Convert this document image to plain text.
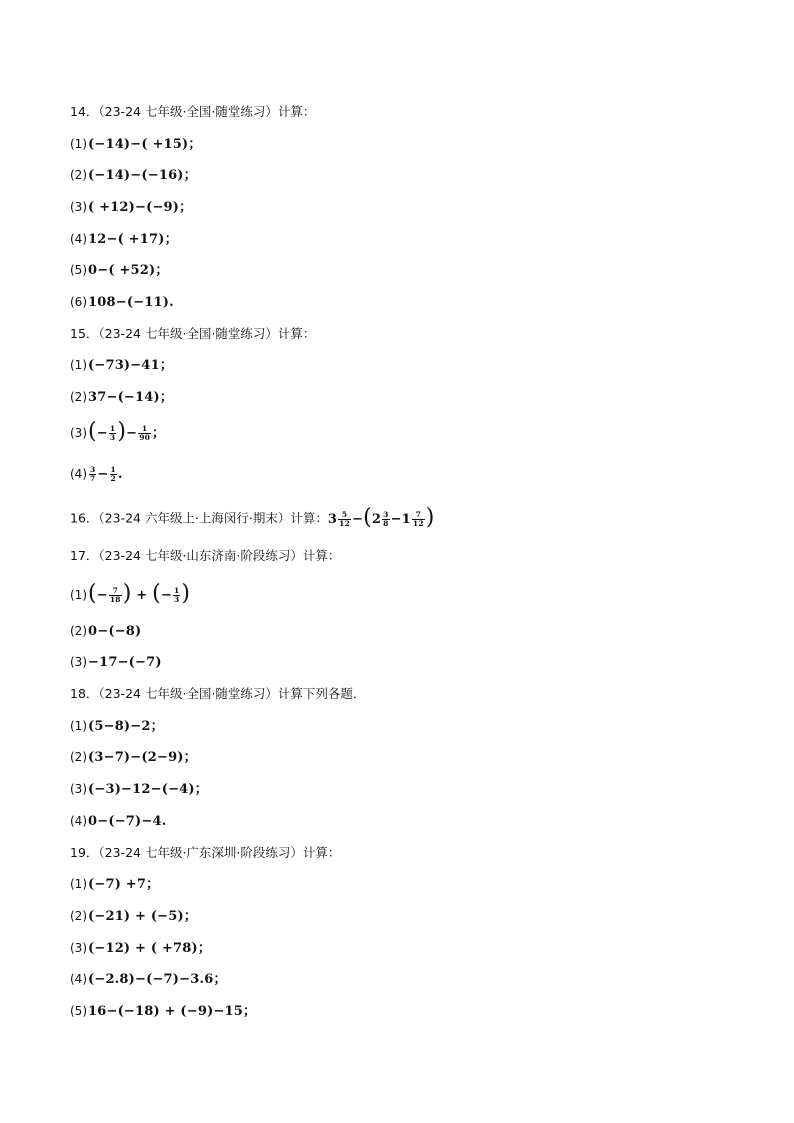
14．（23-24 七年级·全国·随堂练习）计算：
(1)(−14)−( +15)；
(2)(−14)−(−16)；
(3)( +12)−(−9)；
(4)12−( +17)；
(5)0−( +52)；
(6)108−(−11).
15．（23-24 七年级·全国·随堂练习）计算：
(1)(−73)−41；
(2)37−(−14)；
$(3)(- \frac{1}{3}$ )− $\frac{1}{90}$ ；
$(4) \frac{3}{7} - \frac{1}{2}$ .
16．（23-24 六年级上·上海闵行·期末）计算：$3 \frac{5}{12} -(2 \frac{3}{8} -1 \frac{7}{12}$ )
17．（23-24 七年级·山东济南·阶段练习）计算：
$(1)(- \frac{7}{18}$ ) + (− $\frac{1}{3}$ )
(2)0−(−8)
(3)−17−(−7)
18．（23-24 七年级·全国·随堂练习）计算下列各题．
(1)(5−8)−2；
(2)(3−7)−(2−9)；
(3)(−3)−12−(−4)；
(4)0−(−7)−4.
19．（23-24 七年级·广东深圳·阶段练习）计算：
(1)(−7) +7；
(2)(−21) + (−5)；
(3)(−12) + ( +78)；
(4)(−2.8)−(−7)−3.6；
(5)16−(−18) + (−9)−15；
